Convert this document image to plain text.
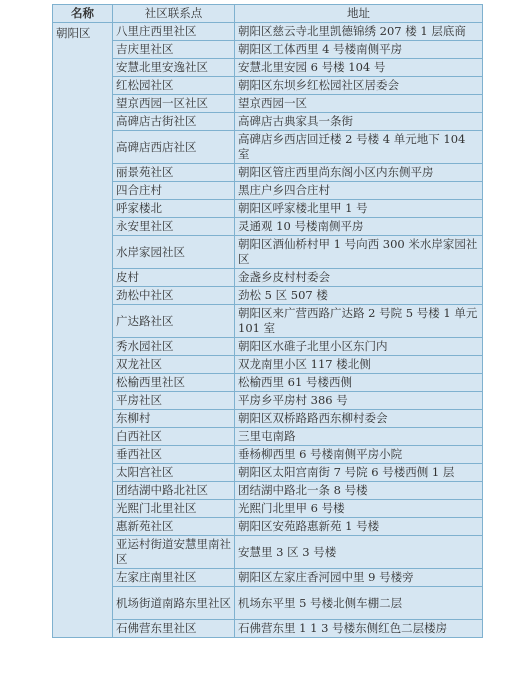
名称	社区联系点	地址
朝阳区	八里庄西里社区	朝阳区慈云寺北里凯德锦绣 207 楼 1 层底商
	吉庆里社区	朝阳区工体西里 4 号楼南侧平房
	安慧北里安逸社区	安慧北里安园 6 号楼 104 号
	红松园社区	朝阳区东坝乡红松园社区居委会
	望京西园一区社区	望京西园一区
	高碑店古街社区	高碑店古典家具一条街
	高碑店西店社区	高碑店乡西店回迁楼 2 号楼 4 单元地下 104 室
	丽景苑社区	朝阳区管庄西里尚东阁小区内东侧平房
	四合庄村	黑庄户乡四合庄村
	呼家楼北	朝阳区呼家楼北里甲 1 号
	永安里社区	灵通观 10 号楼南侧平房
	水岸家园社区	朝阳区酒仙桥村甲 1 号向西 300 米水岸家园社区
	皮村	金盏乡皮村村委会
	劲松中社区	劲松 5 区 507 楼
	广达路社区	朝阳区来广营西路广达路 2 号院 5 号楼 1 单元 101 室
	秀水园社区	朝阳区水碓子北里小区东门内
	双龙社区	双龙南里小区 117 楼北侧
	松榆西里社区	松榆西里 61 号楼西侧
	平房社区	平房乡平房村 386 号
	东柳村	朝阳区双桥路路西东柳村委会
	白西社区	三里屯南路
	垂西社区	垂杨柳西里 6 号楼南侧平房小院
	太阳宫社区	朝阳区太阳宫南街 7 号院 6 号楼西侧 1 层
	团结湖中路北社区	团结湖中路北一条 8 号楼
	光熙门北里社区	光熙门北里甲 6 号楼
	惠新苑社区	朝阳区安苑路惠新苑 1 号楼
	亚运村街道安慧里南社区	安慧里 3 区 3 号楼
	左家庄南里社区	朝阳区左家庄香河园中里 9 号楼旁
	机场街道南路东里社区	机场东平里 5 号楼北侧车棚二层
	石佛营东里社区	石佛营东里 1 1 3 号楼东侧红色二层楼房
